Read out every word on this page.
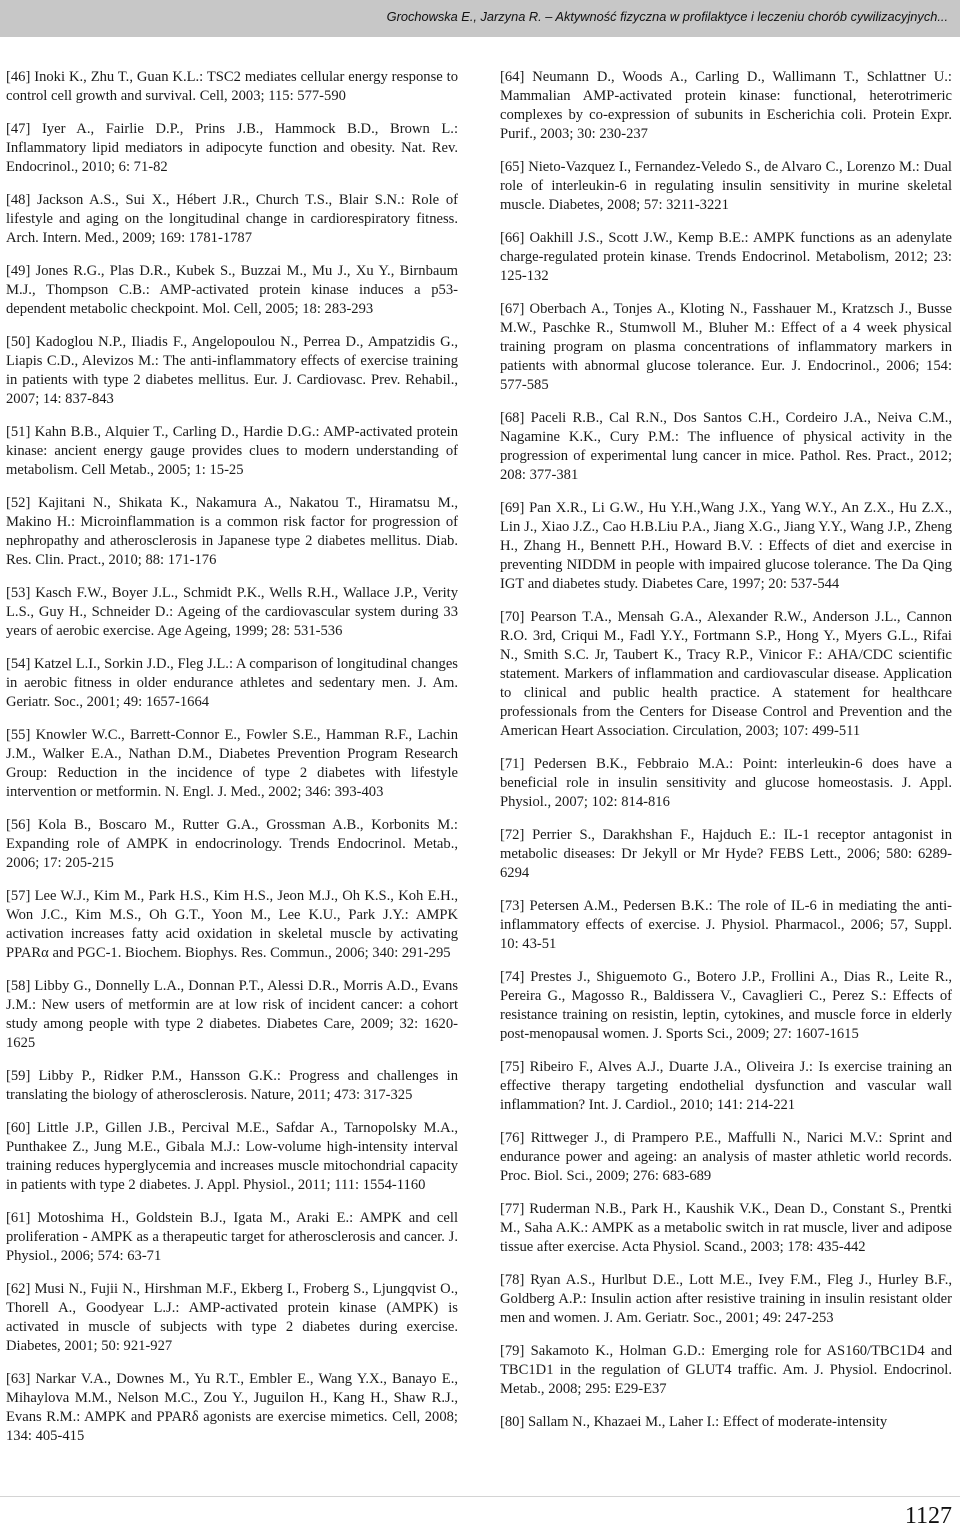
Grochowska E., Jarzyna R. – Aktywność fizyczna w profilaktyce i leczeniu chorób cywilizacyjnych...

[46] Inoki K., Zhu T., Guan K.L.: TSC2 mediates cellular energy response to control cell growth and survival. Cell, 2003; 115: 577-590

[47] Iyer A., Fairlie D.P., Prins J.B., Hammock B.D., Brown L.: Inflammatory lipid mediators in adipocyte function and obesity. Nat. Rev. Endocrinol., 2010; 6: 71-82

[48] Jackson A.S., Sui X., Hébert J.R., Church T.S., Blair S.N.: Role of lifestyle and aging on the longitudinal change in cardiorespiratory fitness. Arch. Intern. Med., 2009; 169: 1781-1787

[49] Jones R.G., Plas D.R., Kubek S., Buzzai M., Mu J., Xu Y., Birnbaum M.J., Thompson C.B.: AMP-activated protein kinase induces a p53-dependent metabolic checkpoint. Mol. Cell, 2005; 18: 283-293

[50] Kadoglou N.P., Iliadis F., Angelopoulou N., Perrea D., Ampatzidis G., Liapis C.D., Alevizos M.: The anti-inflammatory effects of exercise training in patients with type 2 diabetes mellitus. Eur. J. Cardiovasc. Prev. Rehabil., 2007; 14: 837-843

[51] Kahn B.B., Alquier T., Carling D., Hardie D.G.: AMP-activated protein kinase: ancient energy gauge provides clues to modern understanding of metabolism. Cell Metab., 2005; 1: 15-25

[52] Kajitani N., Shikata K., Nakamura A., Nakatou T., Hiramatsu M., Makino H.: Microinflammation is a common risk factor for progression of nephropathy and atherosclerosis in Japanese type 2 diabetes mellitus. Diab. Res. Clin. Pract., 2010; 88: 171-176

[53] Kasch F.W., Boyer J.L., Schmidt P.K., Wells R.H., Wallace J.P., Verity L.S., Guy H., Schneider D.: Ageing of the cardiovascular system during 33 years of aerobic exercise. Age Ageing, 1999; 28: 531-536

[54] Katzel L.I., Sorkin J.D., Fleg J.L.: A comparison of longitudinal changes in aerobic fitness in older endurance athletes and sedentary men. J. Am. Geriatr. Soc., 2001; 49: 1657-1664

[55] Knowler W.C., Barrett-Connor E., Fowler S.E., Hamman R.F., Lachin J.M., Walker E.A., Nathan D.M., Diabetes Prevention Program Research Group: Reduction in the incidence of type 2 diabetes with lifestyle intervention or metformin. N. Engl. J. Med., 2002; 346: 393-403

[56] Kola B., Boscaro M., Rutter G.A., Grossman A.B., Korbonits M.: Expanding role of AMPK in endocrinology. Trends Endocrinol. Metab., 2006; 17: 205-215

[57] Lee W.J., Kim M., Park H.S., Kim H.S., Jeon M.J., Oh K.S., Koh E.H., Won J.C., Kim M.S., Oh G.T., Yoon M., Lee K.U., Park J.Y.: AMPK activation increases fatty acid oxidation in skeletal muscle by activating PPARα and PGC-1. Biochem. Biophys. Res. Commun., 2006; 340: 291-295

[58] Libby G., Donnelly L.A., Donnan P.T., Alessi D.R., Morris A.D., Evans J.M.: New users of metformin are at low risk of incident cancer: a cohort study among people with type 2 diabetes. Diabetes Care, 2009; 32: 1620-1625

[59] Libby P., Ridker P.M., Hansson G.K.: Progress and challenges in translating the biology of atherosclerosis. Nature, 2011; 473: 317-325

[60] Little J.P., Gillen J.B., Percival M.E., Safdar A., Tarnopolsky M.A., Punthakee Z., Jung M.E., Gibala M.J.: Low-volume high-intensity interval training reduces hyperglycemia and increases muscle mitochondrial capacity in patients with type 2 diabetes. J. Appl. Physiol., 2011; 111: 1554-1160

[61] Motoshima H., Goldstein B.J., Igata M., Araki E.: AMPK and cell proliferation - AMPK as a therapeutic target for atherosclerosis and cancer. J. Physiol., 2006; 574: 63-71

[62] Musi N., Fujii N., Hirshman M.F., Ekberg I., Froberg S., Ljungqvist O., Thorell A., Goodyear L.J.: AMP-activated protein kinase (AMPK) is activated in muscle of subjects with type 2 diabetes during exercise. Diabetes, 2001; 50: 921-927

[63] Narkar V.A., Downes M., Yu R.T., Embler E., Wang Y.X., Banayo E., Mihaylova M.M., Nelson M.C., Zou Y., Juguilon H., Kang H., Shaw R.J., Evans R.M.: AMPK and PPARδ agonists are exercise mimetics. Cell, 2008; 134: 405-415

[64] Neumann D., Woods A., Carling D., Wallimann T., Schlattner U.: Mammalian AMP-activated protein kinase: functional, heterotrimeric complexes by co-expression of subunits in Escherichia coli. Protein Expr. Purif., 2003; 30: 230-237

[65] Nieto-Vazquez I., Fernandez-Veledo S., de Alvaro C., Lorenzo M.: Dual role of interleukin-6 in regulating insulin sensitivity in murine skeletal muscle. Diabetes, 2008; 57: 3211-3221

[66] Oakhill J.S., Scott J.W., Kemp B.E.: AMPK functions as an adenylate charge-regulated protein kinase. Trends Endocrinol. Metabolism, 2012; 23: 125-132

[67] Oberbach A., Tonjes A., Kloting N., Fasshauer M., Kratzsch J., Busse M.W., Paschke R., Stumwoll M., Bluher M.: Effect of a 4 week physical training program on plasma concentrations of inflammatory markers in patients with abnormal glucose tolerance. Eur. J. Endocrinol., 2006; 154: 577-585

[68] Paceli R.B., Cal R.N., Dos Santos C.H., Cordeiro J.A., Neiva C.M., Nagamine K.K., Cury P.M.: The influence of physical activity in the progression of experimental lung cancer in mice. Pathol. Res. Pract., 2012; 208: 377-381

[69] Pan X.R., Li G.W., Hu Y.H.,Wang J.X., Yang W.Y., An Z.X., Hu Z.X., Lin J., Xiao J.Z., Cao H.B.Liu P.A., Jiang X.G., Jiang Y.Y., Wang J.P., Zheng H., Zhang H., Bennett P.H., Howard B.V. : Effects of diet and exercise in preventing NIDDM in people with impaired glucose tolerance. The Da Qing IGT and diabetes study. Diabetes Care, 1997; 20: 537-544

[70] Pearson T.A., Mensah G.A., Alexander R.W., Anderson J.L., Cannon R.O. 3rd, Criqui M., Fadl Y.Y., Fortmann S.P., Hong Y., Myers G.L., Rifai N., Smith S.C. Jr, Taubert K., Tracy R.P., Vinicor F.: AHA/CDC scientific statement. Markers of inflammation and cardiovascular disease. Application to clinical and public health practice. A statement for healthcare professionals from the Centers for Disease Control and Prevention and the American Heart Association. Circulation, 2003; 107: 499-511

[71] Pedersen B.K., Febbraio M.A.: Point: interleukin-6 does have a beneficial role in insulin sensitivity and glucose homeostasis. J. Appl. Physiol., 2007; 102: 814-816

[72] Perrier S., Darakhshan F., Hajduch E.: IL-1 receptor antagonist in metabolic diseases: Dr Jekyll or Mr Hyde? FEBS Lett., 2006; 580: 6289-6294

[73] Petersen A.M., Pedersen B.K.: The role of IL-6 in mediating the anti-inflammatory effects of exercise. J. Physiol. Pharmacol., 2006; 57, Suppl. 10: 43-51

[74] Prestes J., Shiguemoto G., Botero J.P., Frollini A., Dias R., Leite R., Pereira G., Magosso R., Baldissera V., Cavaglieri C., Perez S.: Effects of resistance training on resistin, leptin, cytokines, and muscle force in elderly post-menopausal women. J. Sports Sci., 2009; 27: 1607-1615

[75] Ribeiro F., Alves A.J., Duarte J.A., Oliveira J.: Is exercise training an effective therapy targeting endothelial dysfunction and vascular wall inflammation? Int. J. Cardiol., 2010; 141: 214-221

[76] Rittweger J., di Prampero P.E., Maffulli N., Narici M.V.: Sprint and endurance power and ageing: an analysis of master athletic world records. Proc. Biol. Sci., 2009; 276: 683-689

[77] Ruderman N.B., Park H., Kaushik V.K., Dean D., Constant S., Prentki M., Saha A.K.: AMPK as a metabolic switch in rat muscle, liver and adipose tissue after exercise. Acta Physiol. Scand., 2003; 178: 435-442

[78] Ryan A.S., Hurlbut D.E., Lott M.E., Ivey F.M., Fleg J., Hurley B.F., Goldberg A.P.: Insulin action after resistive training in insulin resistant older men and women. J. Am. Geriatr. Soc., 2001; 49: 247-253

[79] Sakamoto K., Holman G.D.: Emerging role for AS160/TBC1D4 and TBC1D1 in the regulation of GLUT4 traffic. Am. J. Physiol. Endocrinol. Metab., 2008; 295: E29-E37

[80] Sallam N., Khazaei M., Laher I.: Effect of moderate-intensity

1127
